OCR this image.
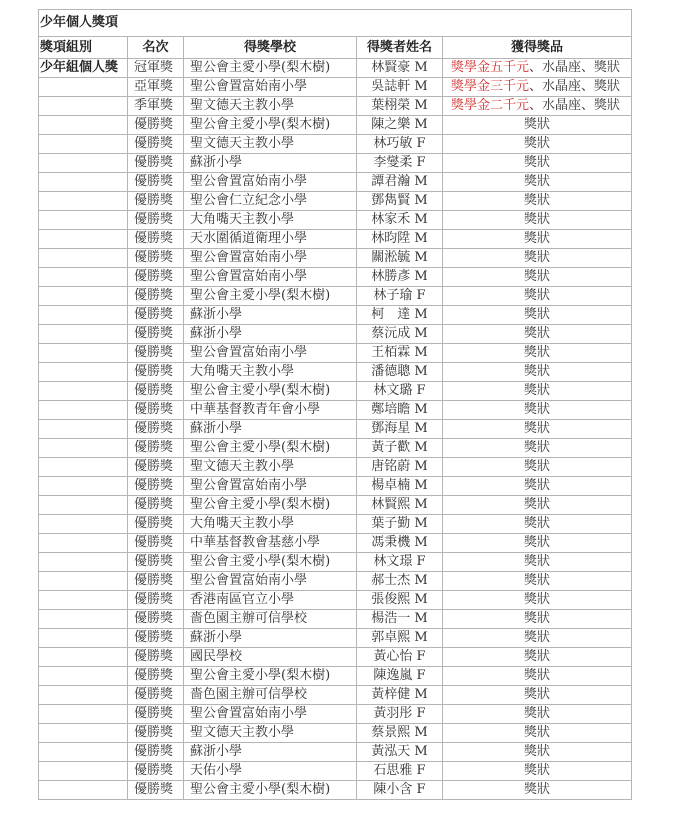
少年個人獎項				
獎項組別	名次	得獎學校	得獎者姓名	獲得獎品
少年組個人獎	冠軍獎	聖公會主愛小學(梨木樹)	林賢豪 M	獎學金五千元、水晶座、獎狀
	亞軍獎	聖公會置富始南小學	吳誌軒 M	獎學金三千元、水晶座、獎狀
	季軍獎	聖文德天主教小學	葉栩榮 M	獎學金二千元、水晶座、獎狀
	優勝獎	聖公會主愛小學(梨木樹)	陳之樂 M	獎狀
	優勝獎	聖文德天主教小學	林巧敏 F	獎狀
	優勝獎	蘇浙小學	李燮柔 F	獎狀
	優勝獎	聖公會置富始南小學	譚君瀚 M	獎狀
	優勝獎	聖公會仁立紀念小學	鄧雋賢 M	獎狀
	優勝獎	大角嘴天主教小學	林家禾 M	獎狀
	優勝獎	天水圍循道衛理小學	林昀陞 M	獎狀
	優勝獎	聖公會置富始南小學	關淞毓 M	獎狀
	優勝獎	聖公會置富始南小學	林勝彥 M	獎狀
	優勝獎	聖公會主愛小學(梨木樹)	林子瑜 F	獎狀
	優勝獎	蘇浙小學	柯　達 M	獎狀
	優勝獎	蘇浙小學	蔡沅成 M	獎狀
	優勝獎	聖公會置富始南小學	王栢霖 M	獎狀
	優勝獎	大角嘴天主教小學	潘德聰 M	獎狀
	優勝獎	聖公會主愛小學(梨木樹)	林文璐 F	獎狀
	優勝獎	中華基督教青年會小學	鄭培瞻 M	獎狀
	優勝獎	蘇浙小學	鄧海星 M	獎狀
	優勝獎	聖公會主愛小學(梨木樹)	黃子歡 M	獎狀
	優勝獎	聖文德天主教小學	唐铭蔚 M	獎狀
	優勝獎	聖公會置富始南小學	楊卓楠 M	獎狀
	優勝獎	聖公會主愛小學(梨木樹)	林賢熙 M	獎狀
	優勝獎	大角嘴天主教小學	葉子勤 M	獎狀
	優勝獎	中華基督教會基慈小學	馮秉機 M	獎狀
	優勝獎	聖公會主愛小學(梨木樹)	林文璟 F	獎狀
	優勝獎	聖公會置富始南小學	郝士杰 M	獎狀
	優勝獎	香港南區官立小學	張俊熙 M	獎狀
	優勝獎	嗇色園主辦可信學校	楊浩一 M	獎狀
	優勝獎	蘇浙小學	郭卓熙 M	獎狀
	優勝獎	國民學校	黃心怡 F	獎狀
	優勝獎	聖公會主愛小學(梨木樹)	陳逸嵐 F	獎狀
	優勝獎	嗇色園主辦可信學校	黃梓健 M	獎狀
	優勝獎	聖公會置富始南小學	黃羽彤 F	獎狀
	優勝獎	聖文德天主教小學	蔡景熙 M	獎狀
	優勝獎	蘇浙小學	黃泓天 M	獎狀
	優勝獎	天佑小學	石思雅 F	獎狀
	優勝獎	聖公會主愛小學(梨木樹)	陳小含 F	獎狀
